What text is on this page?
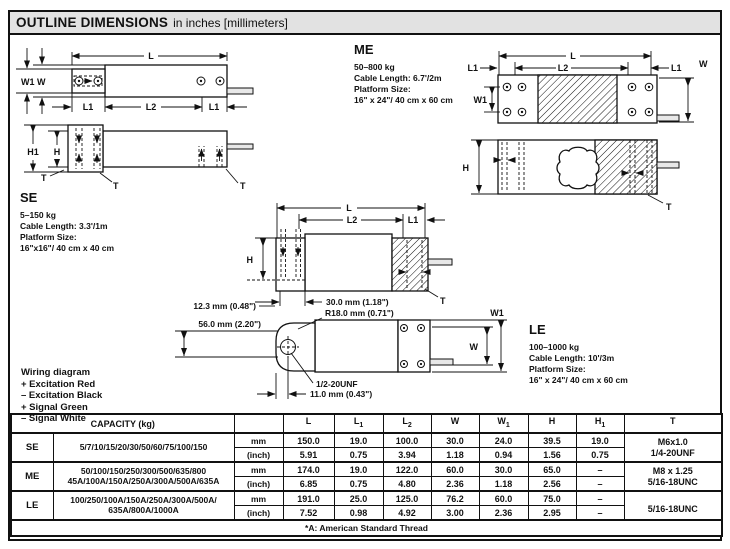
OUTLINE DIMENSIONS in inches [millimeters]
L
W1 W
L1	L2	L1
H1 H
T
T	T
L
L2
L1	L1 W
W1
H
T
L
L2	L1
H
30.0 mm (1.18")
12.3 mm (0.48")	T
R18.0 mm (0.71")
56.0 mm (2.20")
W
W1
1/2-20UNF
11.0 mm (0.43")
ME
50–800 kg
Cable Length: 6.7'/2m
Platform Size:
16" x 24"/ 40 cm x 60 cm
SE
5–150 kg
Cable Length: 3.3'/1m
Platform Size:
16"x16"/ 40 cm x 40 cm
LE
100–1000 kg
Cable Length: 10'/3m
Platform Size:
16" x 24"/ 40 cm x 60 cm
Wiring diagram
+ Excitation Red
– Excitation Black
+ Signal Green
– Signal White CAPACITY (kg)			L	$L_1$	$L_2$	W	$W_1$	H	$H_1$	T
SE	5/7/10/15/20/30/50/60/75/100/150	mm	150.0	19.0	100.0	30.0	24.0	39.5	19.0	M6x1.0
1/4-20UNF

		(inch)	5.91	0.75	3.94	1.18	0.94	1.56	0.75	
ME	50/100/150/250/300/500/635/800
45A/100A/150A/250A/300A/500A/635A	mm	174.0	19.0	122.0	60.0	30.0	65.0	–	M8 x 1.25
5/16-18UNC

		(inch)	6.85	0.75	4.80	2.36	1.18	2.56	–	
LE	100/250/100A/150A/250A/300A/500A/
635A/800A/1000A	mm	191.0	25.0	125.0	76.2	60.0	75.0	–	5/16-18UNC

		(inch)	7.52	0.98	4.92	3.00	2.36	2.95	–	
*A: American Standard Thread										
